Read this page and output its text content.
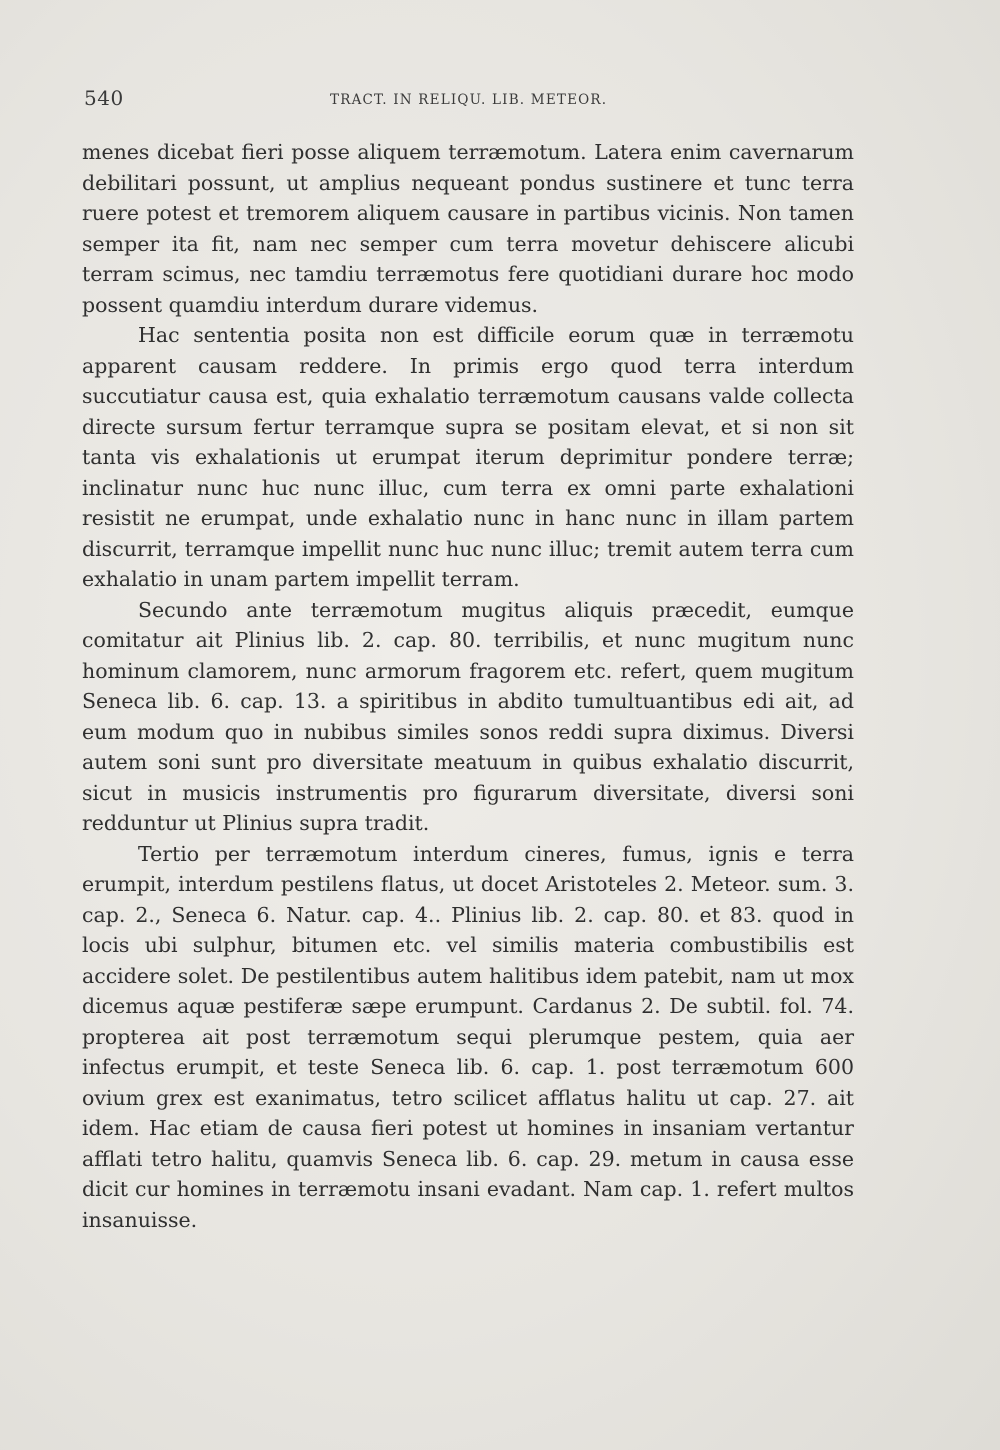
540	TRACT. IN RELIQU. LIB. METEOR.

menes dicebat fieri posse aliquem terræmotum. Latera enim cavernarum debilitari possunt, ut amplius nequeant pondus sustinere et tunc terra ruere potest et tremorem aliquem causare in partibus vicinis. Non tamen semper ita fit, nam nec semper cum terra movetur dehiscere alicubi terram scimus, nec tamdiu terræmotus fere quotidiani durare hoc modo possent quamdiu interdum durare videmus.

Hac sententia posita non est difficile eorum quæ in terræmotu apparent causam reddere. In primis ergo quod terra interdum succutiatur causa est, quia exhalatio terræmotum causans valde collecta directe sursum fertur terramque supra se positam elevat, et si non sit tanta vis exhalationis ut erumpat iterum deprimitur pondere terræ; inclinatur nunc huc nunc illuc, cum terra ex omni parte exhalationi resistit ne erumpat, unde exhalatio nunc in hanc nunc in illam partem discurrit, terramque impellit nunc huc nunc illuc; tremit autem terra cum exhalatio in unam partem impellit terram.

Secundo ante terræmotum mugitus aliquis præcedit, eumque comitatur ait Plinius lib. 2. cap. 80. terribilis, et nunc mugitum nunc hominum clamorem, nunc armorum fragorem etc. refert, quem mugitum Seneca lib. 6. cap. 13. a spiritibus in abdito tumultuantibus edi ait, ad eum modum quo in nubibus similes sonos reddi supra diximus. Diversi autem soni sunt pro diversitate meatuum in quibus exhalatio discurrit, sicut in musicis instrumentis pro figurarum diversitate, diversi soni redduntur ut Plinius supra tradit.

Tertio per terræmotum interdum cineres, fumus, ignis e terra erumpit, interdum pestilens flatus, ut docet Aristoteles 2. Meteor. sum. 3. cap. 2., Seneca 6. Natur. cap. 4.. Plinius lib. 2. cap. 80. et 83. quod in locis ubi sulphur, bitumen etc. vel similis materia combustibilis est accidere solet. De pestilentibus autem halitibus idem patebit, nam ut mox dicemus aquæ pestiferæ sæpe erumpunt. Cardanus 2. De subtil. fol. 74. propterea ait post terræmotum sequi plerumque pestem, quia aer infectus erumpit, et teste Seneca lib. 6. cap. 1. post terræmotum 600 ovium grex est exanimatus, tetro scilicet afflatus halitu ut cap. 27. ait idem. Hac etiam de causa fieri potest ut homines in insaniam vertantur afflati tetro halitu, quamvis Seneca lib. 6. cap. 29. metum in causa esse dicit cur homines in terræmotu insani evadant. Nam cap. 1. refert multos insanuisse.
